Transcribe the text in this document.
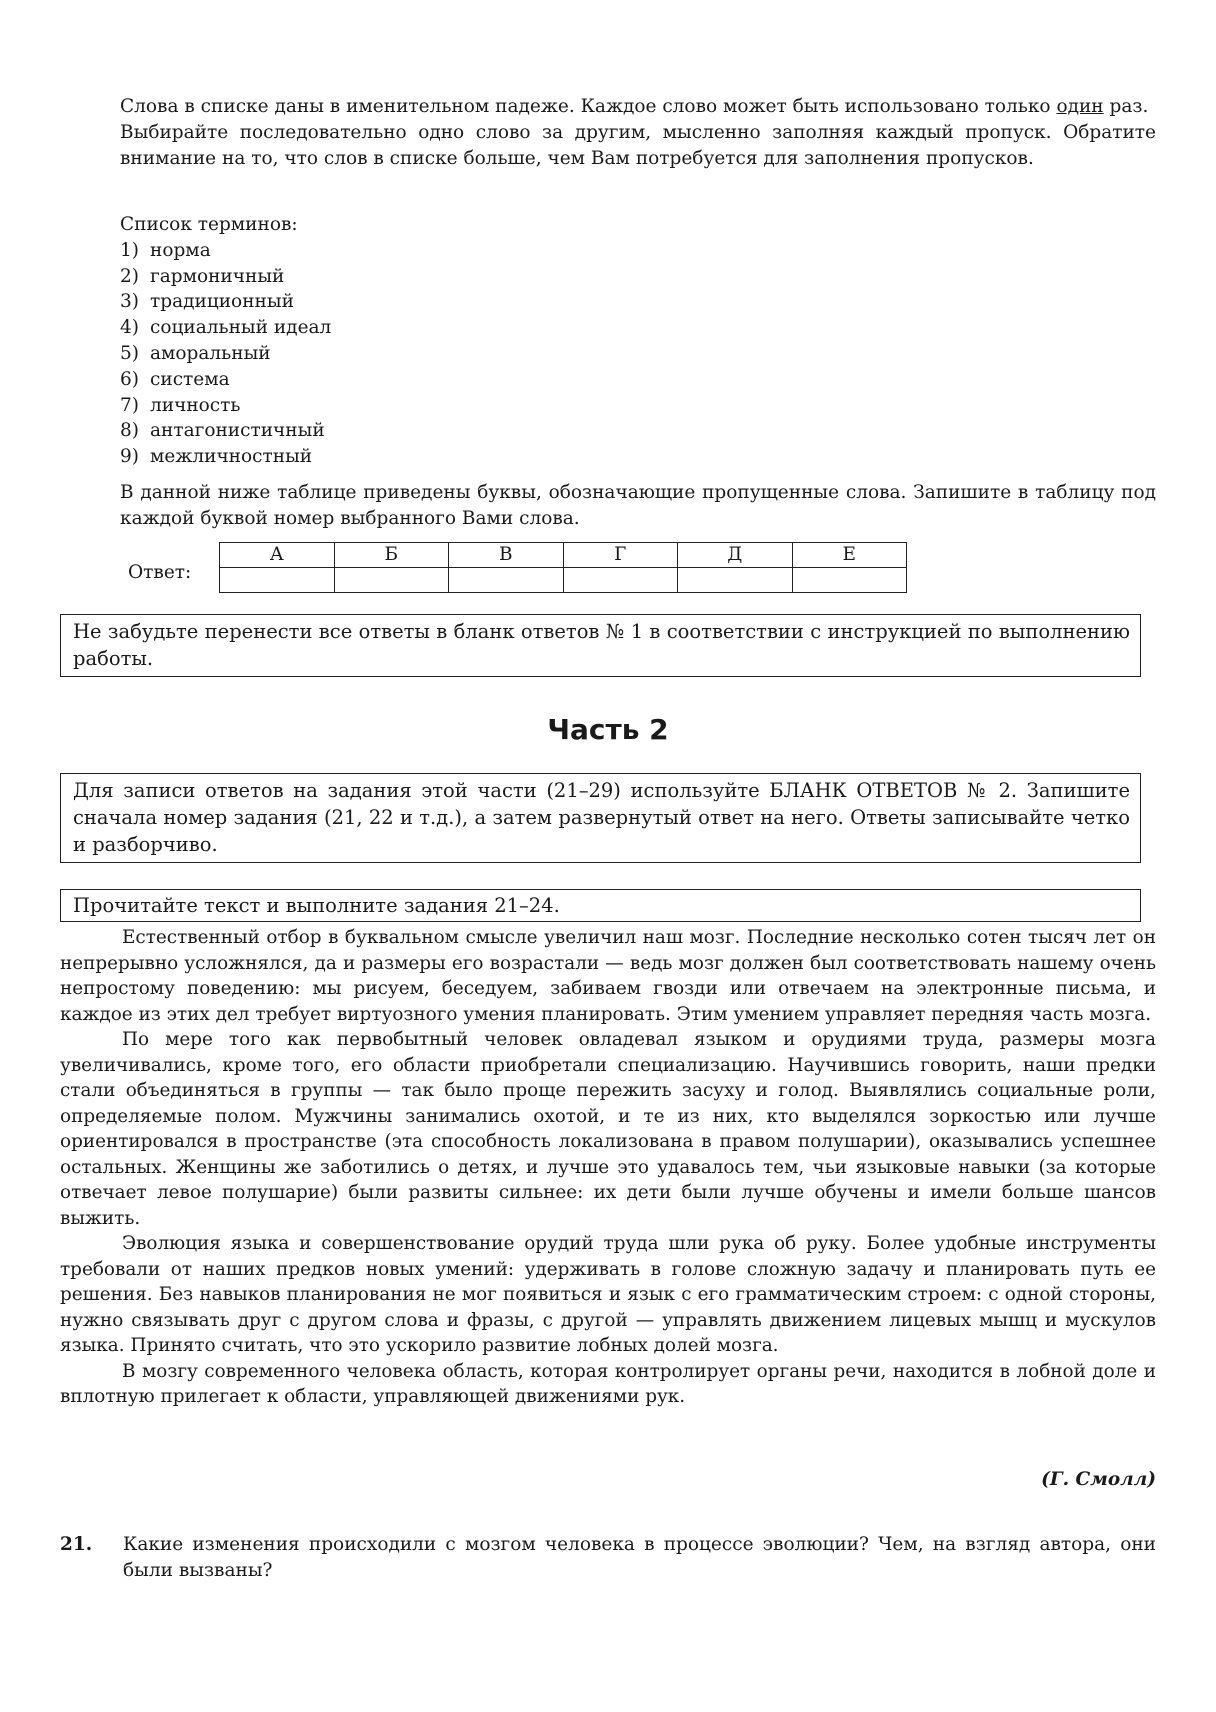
Слова в списке даны в именительном падеже. Каждое слово может быть использовано только один раз.

Выбирайте последовательно одно слово за другим, мысленно заполняя каждый пропуск. Обратите внимание на то, что слов в списке больше, чем Вам потребуется для заполнения пропусков.

Список терминов:

1) норма
2) гармоничный
3) традиционный
4) социальный идеал
5) аморальный
6) система
7) личность
8) антагонистичный
9) межличностный

В данной ниже таблице приведены буквы, обозначающие пропущенные слова. Запишите в таблицу под каждой буквой номер выбранного Вами слова.

Ответ:
А	Б	В	Г	Д	Е

Не забудьте перенести все ответы в бланк ответов № 1 в соответствии с инструкцией по выполнению работы.

Часть 2

Для записи ответов на задания этой части (21–29) используйте БЛАНК ОТВЕТОВ № 2. Запишите сначала номер задания (21, 22 и т.д.), а затем развернутый ответ на него. Ответы записывайте четко и разборчиво.

Прочитайте текст и выполните задания 21–24.

Естественный отбор в буквальном смысле увеличил наш мозг. Последние несколько сотен тысяч лет он непрерывно усложнялся, да и размеры его возрастали — ведь мозг должен был соответствовать нашему очень непростому поведению: мы рисуем, беседуем, забиваем гвозди или отвечаем на электронные письма, и каждое из этих дел требует виртуозного умения планировать. Этим умением управляет передняя часть мозга.

По мере того как первобытный человек овладевал языком и орудиями труда, размеры мозга увеличивались, кроме того, его области приобретали специализацию. Научившись говорить, наши предки стали объединяться в группы — так было проще пережить засуху и голод. Выявлялись социальные роли, определяемые полом. Мужчины занимались охотой, и те из них, кто выделялся зоркостью или лучше ориентировался в пространстве (эта способность локализована в правом полушарии), оказывались успешнее остальных. Женщины же заботились о детях, и лучше это удавалось тем, чьи языковые навыки (за которые отвечает левое полушарие) были развиты сильнее: их дети были лучше обучены и имели больше шансов выжить.

Эволюция языка и совершенствование орудий труда шли рука об руку. Более удобные инструменты требовали от наших предков новых умений: удерживать в голове сложную задачу и планировать путь ее решения. Без навыков планирования не мог появиться и язык с его грамматическим строем: с одной стороны, нужно связывать друг с другом слова и фразы, с другой — управлять движением лицевых мышц и мускулов языка. Принято считать, что это ускорило развитие лобных долей мозга.

В мозгу современного человека область, которая контролирует органы речи, находится в лобной доле и вплотную прилегает к области, управляющей движениями рук.

(Г. Смолл)
21. Какие изменения происходили с мозгом человека в процессе эволюции? Чем, на взгляд автора, они были вызваны?
